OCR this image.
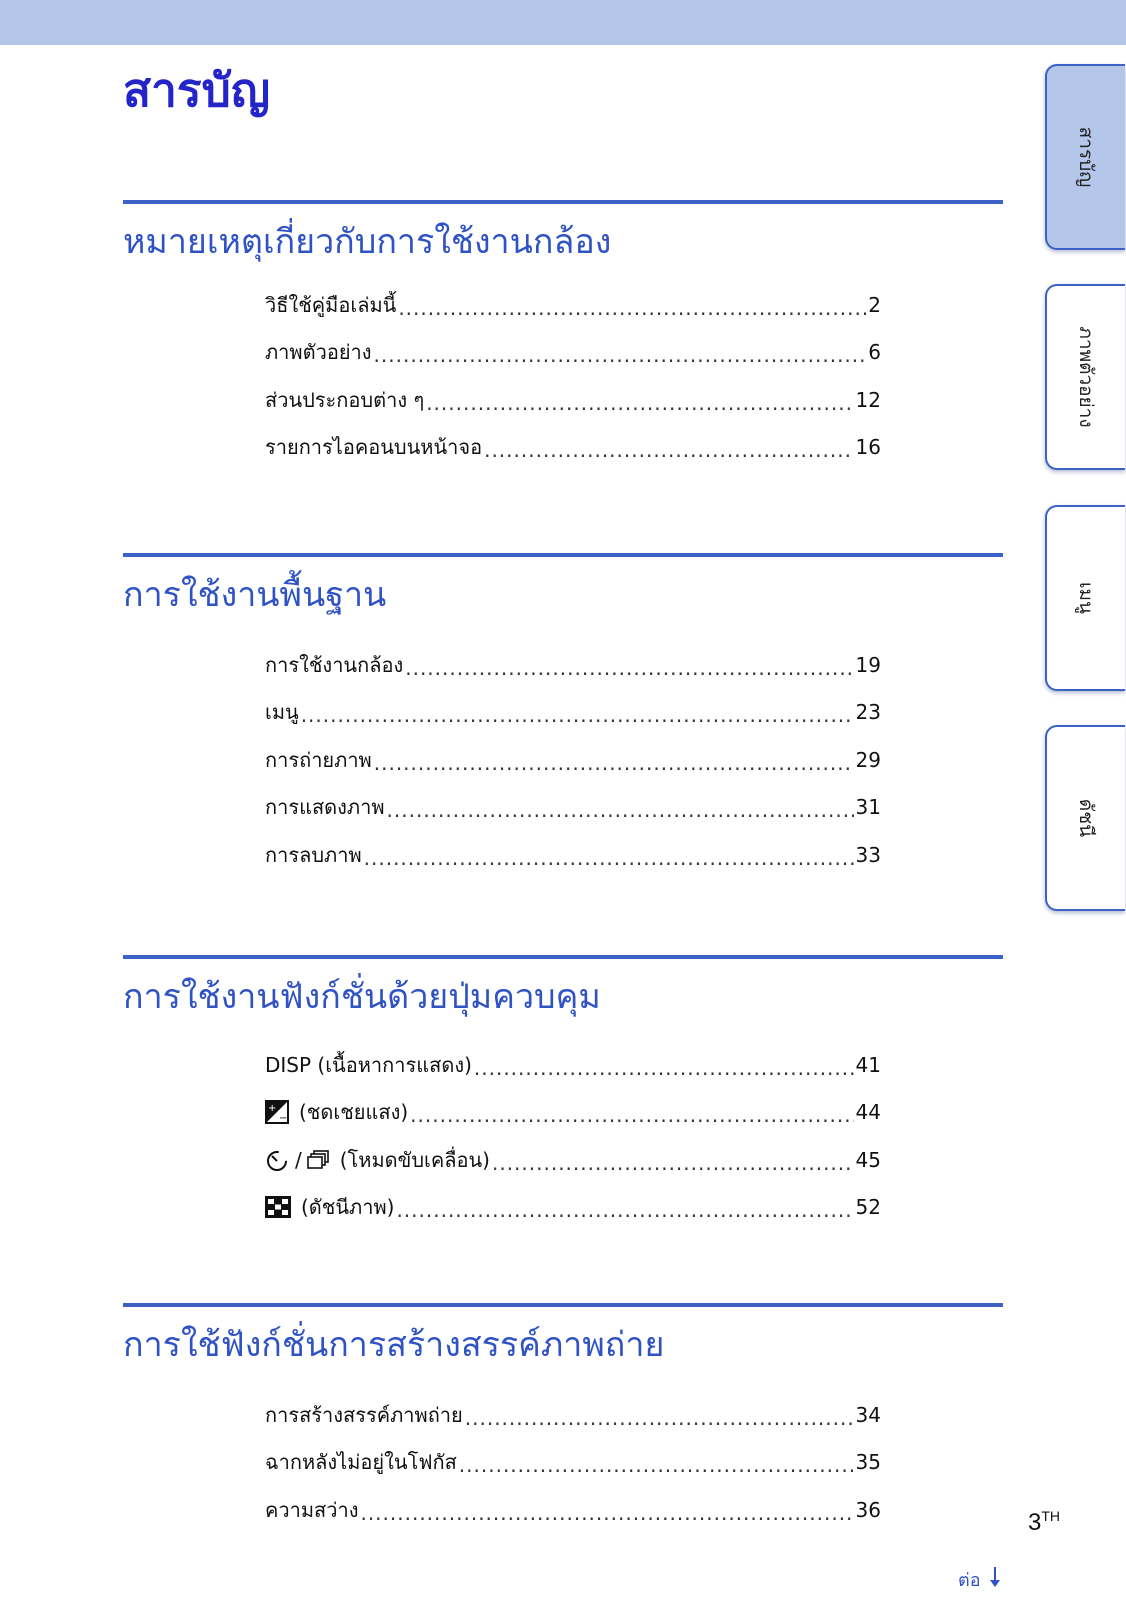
สารบัญ
หมายเหตุเกี่ยวกับการใช้งานกล้อง
วิธีใช้คู่มือเล่มนี้ .....	2
ภาพตัวอย่าง .....	6
ส่วนประกอบต่าง ๆ .....	12
รายการไอคอนบนหน้าจอ .....	16
การใช้งานพื้นฐาน
การใช้งานกล้อง .....	19
เมนู .....	23
การถ่ายภาพ .....	29
การแสดงภาพ .....	31
การลบภาพ .....	33
การใช้งานฟังก์ชั่นด้วยปุ่มควบคุม
DISP (เนื้อหาการแสดง) .....	41
+
− (ชดเชยแสง) .....	44
/ (โหมดขับเคลื่อน) .....	45
(ดัชนีภาพ) .....	52
การใช้ฟังก์ชั่นการสร้างสรรค์ภาพถ่าย
การสร้างสรรค์ภาพถ่าย .....	34
ฉากหลังไม่อยู่ในโฟกัส .....	35
ความสว่าง .....	36
สารบัญ
ภาพตัวอย่าง
เมนู
ดัชนี
3TH
ต่อ
